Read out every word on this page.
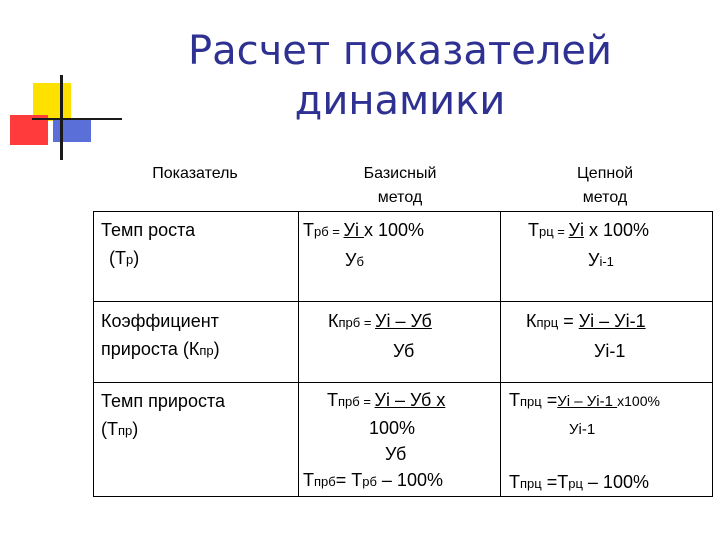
Расчет показателей
динамики
Показатель	Базисный
метод
Цепной
метод
Темп роста
(Тр)
Трб = Уi х 100%
Уб
Трц = Уi х 100%
Уi-1
Коэффициент
прироста (Кпр)
Кпрб = Уi – Уб
Уб
Кпрц = Уi – Уi-1
Уi-1
Темп прироста
(Тпр)
Тпрб = Уi – Уб х
100%
Уб
Тпрб= Трб – 100%
Тпрц =Уi – Уi-1 х100%
Уi-1
Тпрц =Трц – 100%
